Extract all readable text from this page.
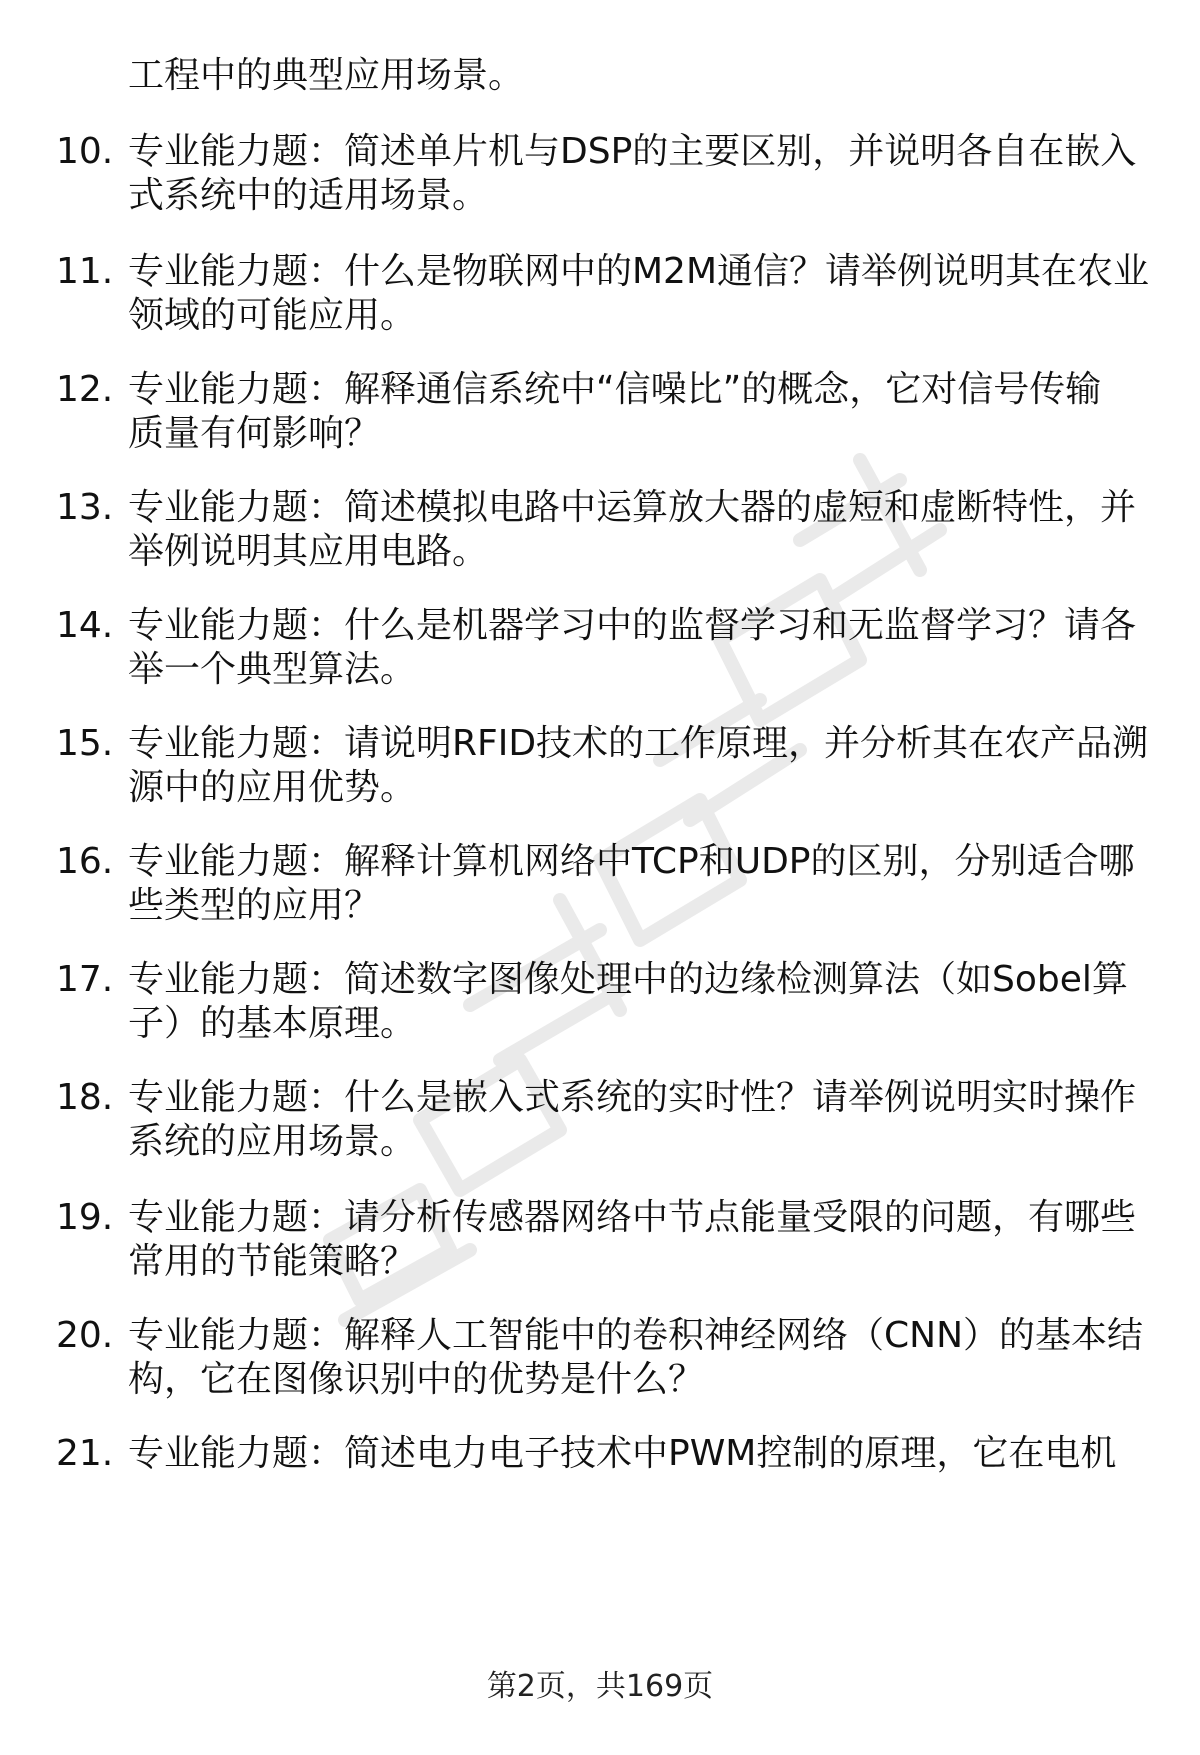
工程中的典型应用场景。
10. 专业能力题：简述单片机与DSP的主要区别，并说明各自在嵌入
式系统中的适用场景。
11. 专业能力题：什么是物联网中的M2M通信？请举例说明其在农业
领域的可能应用。
12. 专业能力题：解释通信系统中“信噪比”的概念，它对信号传输
质量有何影响？
13. 专业能力题：简述模拟电路中运算放大器的虚短和虚断特性，并
举例说明其应用电路。
14. 专业能力题：什么是机器学习中的监督学习和无监督学习？请各
举一个典型算法。
15. 专业能力题：请说明RFID技术的工作原理，并分析其在农产品溯
源中的应用优势。
16. 专业能力题：解释计算机网络中TCP和UDP的区别，分别适合哪
些类型的应用？
17. 专业能力题：简述数字图像处理中的边缘检测算法（如Sobel算
子）的基本原理。
18. 专业能力题：什么是嵌入式系统的实时性？请举例说明实时操作
系统的应用场景。
19. 专业能力题：请分析传感器网络中节点能量受限的问题，有哪些
常用的节能策略？
20. 专业能力题：解释人工智能中的卷积神经网络（CNN）的基本结
构，它在图像识别中的优势是什么？
21. 专业能力题：简述电力电子技术中PWM控制的原理，它在电机
第2页，共169页
